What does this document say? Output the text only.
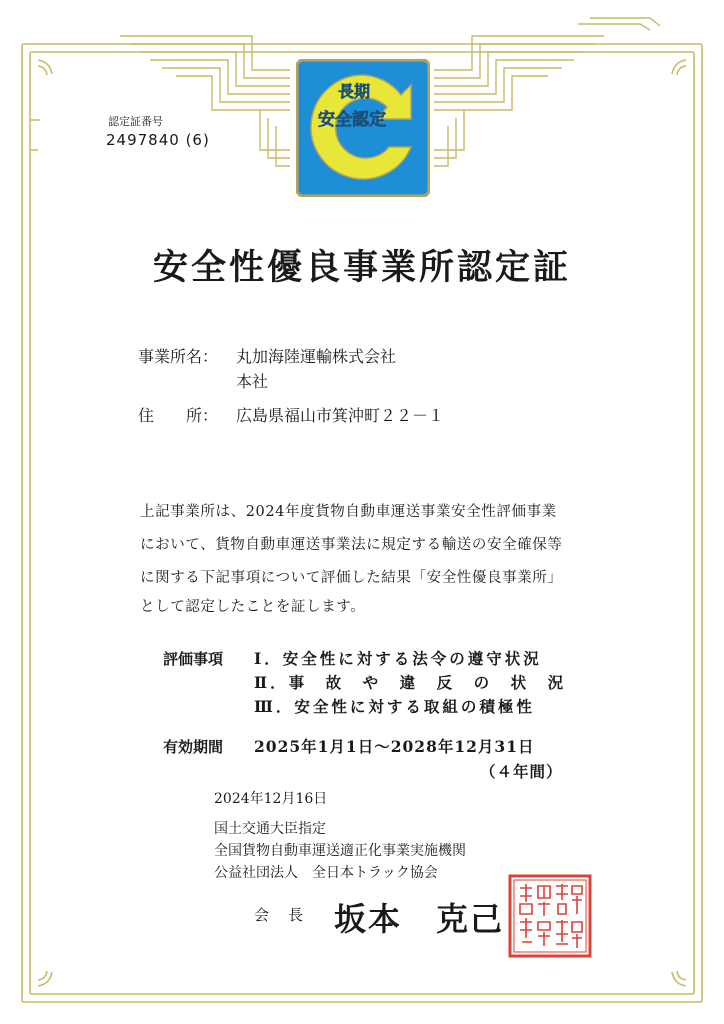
長期
安全認定
認定証番号
2497840 (6)
安全性優良事業所認定証
事業所名： 丸加海陸運輸株式会社
本社
住　　所： 広島県福山市箕沖町２２－１
上記事業所は、2024年度貨物自動車運送事業安全性評価事業
において、貨物自動車運送事業法に規定する輸送の安全確保等
に関する下記事項について評価した結果「安全性優良事業所」
として認定したことを証します。
評価事項 Ⅰ．安全性に対する法令の遵守状況
Ⅱ．事　故　や　違　反　の　状　況
Ⅲ．安全性に対する取組の積極性
有効期間 2025年1月1日～2028年12月31日
（４年間）
2024年12月16日
国土交通大臣指定
全国貨物自動車運送適正化事業実施機関
公益社団法人　全日本トラック協会
会　長 坂本　克己
